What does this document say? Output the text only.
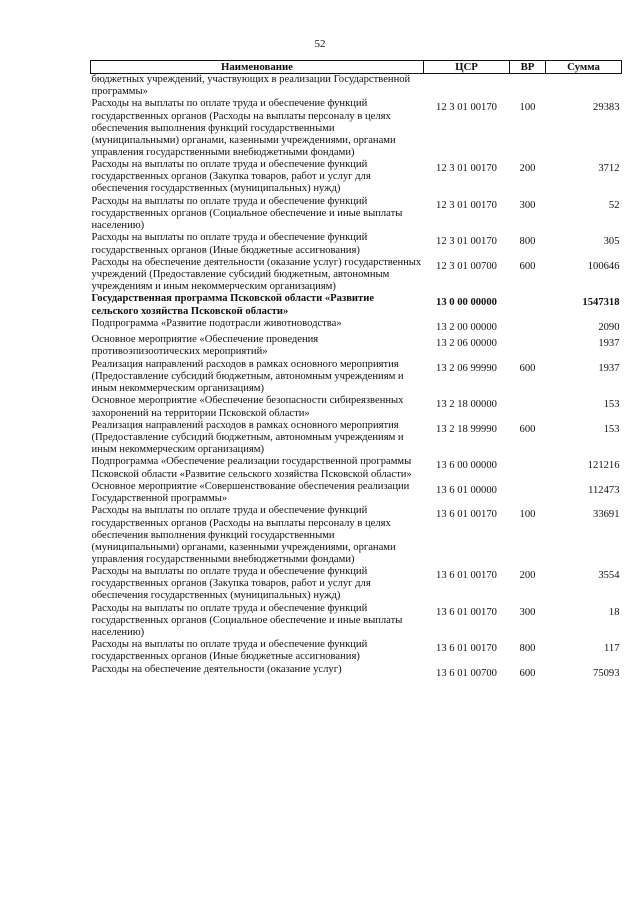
52
Наименование	ЦСР	ВР	Сумма
бюджетных учреждений, участвующих в реализации Государственной программы»			
Расходы на выплаты по оплате труда и обеспечение функций государственных органов (Расходы на выплаты персоналу в целях обеспечения выполнения функций государственными (муниципальными) органами, казенными учреждениями, органами управления государственными внебюджетными фондами)	12 3 01 00170	100	29383
Расходы на выплаты по оплате труда и обеспечение функций государственных органов (Закупка товаров, работ и услуг для обеспечения государственных (муниципальных) нужд)	12 3 01 00170	200	3712
Расходы на выплаты по оплате труда и обеспечение функций государственных органов (Социальное обеспечение и иные выплаты населению)	12 3 01 00170	300	52
Расходы на выплаты по оплате труда и обеспечение функций государственных органов (Иные бюджетные ассигнования)	12 3 01 00170	800	305
Расходы на обеспечение деятельности (оказание услуг) государственных учреждений (Предоставление субсидий бюджетным, автономным учреждениям и иным некоммерческим организациям)	12 3 01 00700	600	100646
Государственная программа Псковской области «Развитие сельского хозяйства Псковской области»	13 0 00 00000		1547318
Подпрограмма «Развитие подотрасли животноводства»	13 2 00 00000		2090
Основное мероприятие «Обеспечение проведения противоэпизоотических мероприятий»	13 2 06 00000		1937
Реализация направлений расходов в рамках основного мероприятия (Предоставление субсидий бюджетным, автономным учреждениям и иным некоммерческим организациям)	13 2 06 99990	600	1937
Основное мероприятие «Обеспечение безопасности сибиреязвенных захоронений на территории Псковской области»	13 2 18 00000		153
Реализация направлений расходов в рамках основного мероприятия (Предоставление субсидий бюджетным, автономным учреждениям и иным некоммерческим организациям)	13 2 18 99990	600	153
Подпрограмма «Обеспечение реализации государственной программы Псковской области «Развитие сельского хозяйства Псковской области»	13 6 00 00000		121216
Основное мероприятие «Совершенствование обеспечения реализации Государственной программы»	13 6 01 00000		112473
Расходы на выплаты по оплате труда и обеспечение функций государственных органов (Расходы на выплаты персоналу в целях обеспечения выполнения функций государственными (муниципальными) органами, казенными учреждениями, органами управления государственными внебюджетными фондами)	13 6 01 00170	100	33691
Расходы на выплаты по оплате труда и обеспечение функций государственных органов (Закупка товаров, работ и услуг для обеспечения государственных (муниципальных) нужд)	13 6 01 00170	200	3554
Расходы на выплаты по оплате труда и обеспечение функций государственных органов (Социальное обеспечение и иные выплаты населению)	13 6 01 00170	300	18
Расходы на выплаты по оплате труда и обеспечение функций государственных органов (Иные бюджетные ассигнования)	13 6 01 00170	800	117
Расходы на обеспечение деятельности (оказание услуг)	13 6 01 00700	600	75093
